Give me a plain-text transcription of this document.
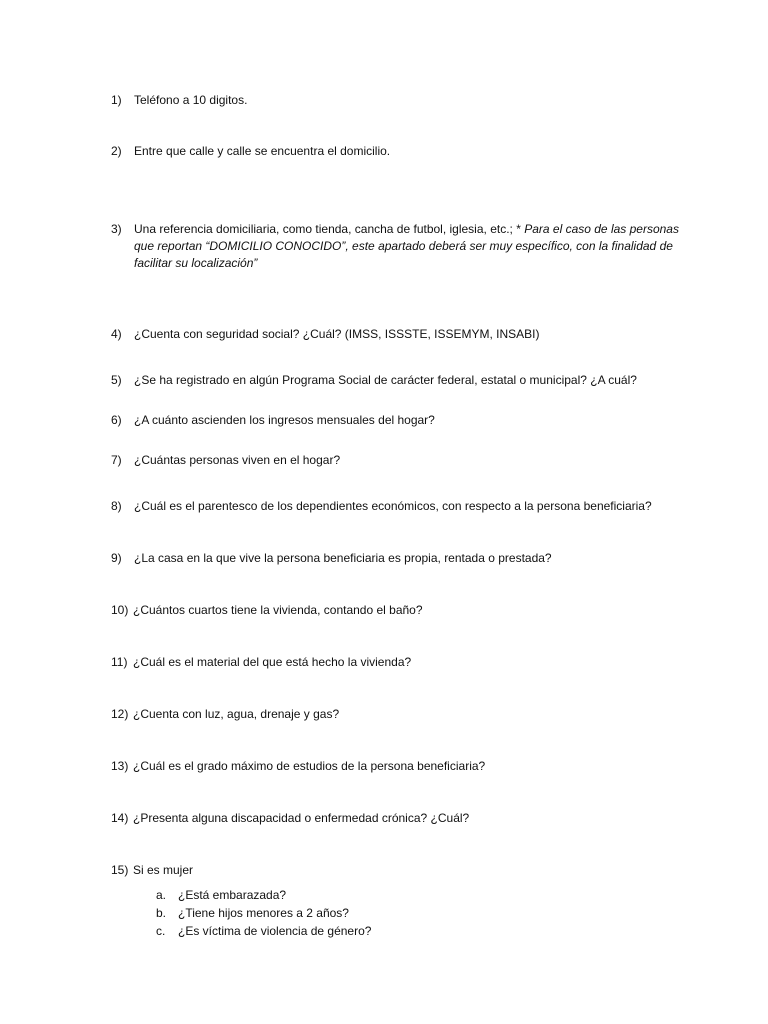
1)	Teléfono a 10 digitos.
2)	Entre que calle y calle se encuentra el domicilio.
3)	Una referencia domiciliaria, como tienda, cancha de futbol, iglesia, etc.; * Para el caso de las personas que reportan “DOMICILIO CONOCIDO”, este apartado deberá ser muy específico, con la finalidad de facilitar su localización”
4)	¿Cuenta con seguridad social? ¿Cuál? (IMSS, ISSSTE, ISSEMYM, INSABI)
5)	¿Se ha registrado en algún Programa Social de carácter federal, estatal o municipal? ¿A cuál?
6)	¿A cuánto ascienden los ingresos mensuales del hogar?
7)	¿Cuántas personas viven en el hogar?
8)	¿Cuál es el parentesco de los dependientes económicos, con respecto a la persona beneficiaria?
9)	¿La casa en la que vive la persona beneficiaria es propia, rentada o prestada?
10) ¿Cuántos cuartos tiene la vivienda, contando el baño?
11) ¿Cuál es el material del que está hecho la vivienda?
12) ¿Cuenta con luz, agua, drenaje y gas?
13) ¿Cuál es el grado máximo de estudios de la persona beneficiaria?
14) ¿Presenta alguna discapacidad o enfermedad crónica? ¿Cuál?
15) Si es mujer
a. ¿Está embarazada?
b. ¿Tiene hijos menores a 2 años?
c. ¿Es víctima de violencia de género?
